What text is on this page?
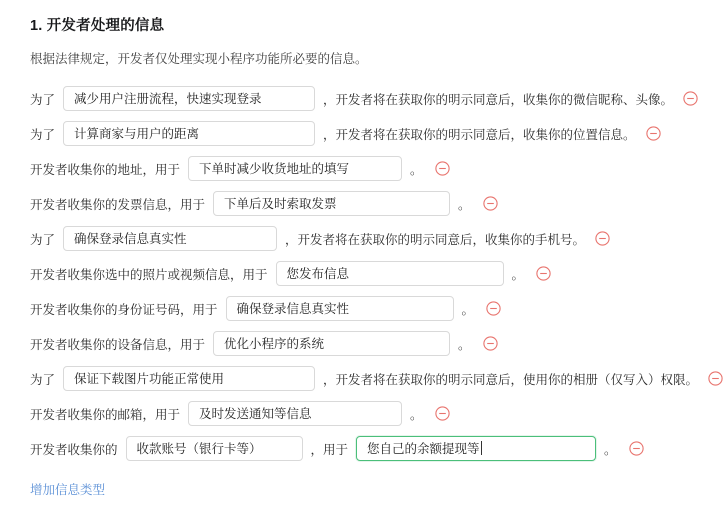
1. 开发者处理的信息
根据法律规定，开发者仅处理实现小程序功能所必要的信息。
为了	减少用户注册流程，快速实现登录	，开发者将在获取你的明示同意后，收集你的微信昵称、头像。
为了	计算商家与用户的距离	，开发者将在获取你的明示同意后，收集你的位置信息。
开发者收集你的地址，用于	下单时减少收货地址的填写	。
开发者收集你的发票信息，用于	下单后及时索取发票	。
为了	确保登录信息真实性	，开发者将在获取你的明示同意后，收集你的手机号。
开发者收集你选中的照片或视频信息，用于	您发布信息	。
开发者收集你的身份证号码，用于	确保登录信息真实性	。
开发者收集你的设备信息，用于	优化小程序的系统	。
为了	保证下载图片功能正常使用	，开发者将在获取你的明示同意后，使用你的相册（仅写入）权限。
开发者收集你的邮箱，用于	及时发送通知等信息	。
开发者收集你的	收款账号（银行卡等）	，用于	您自己的余额提现等	。
增加信息类型
